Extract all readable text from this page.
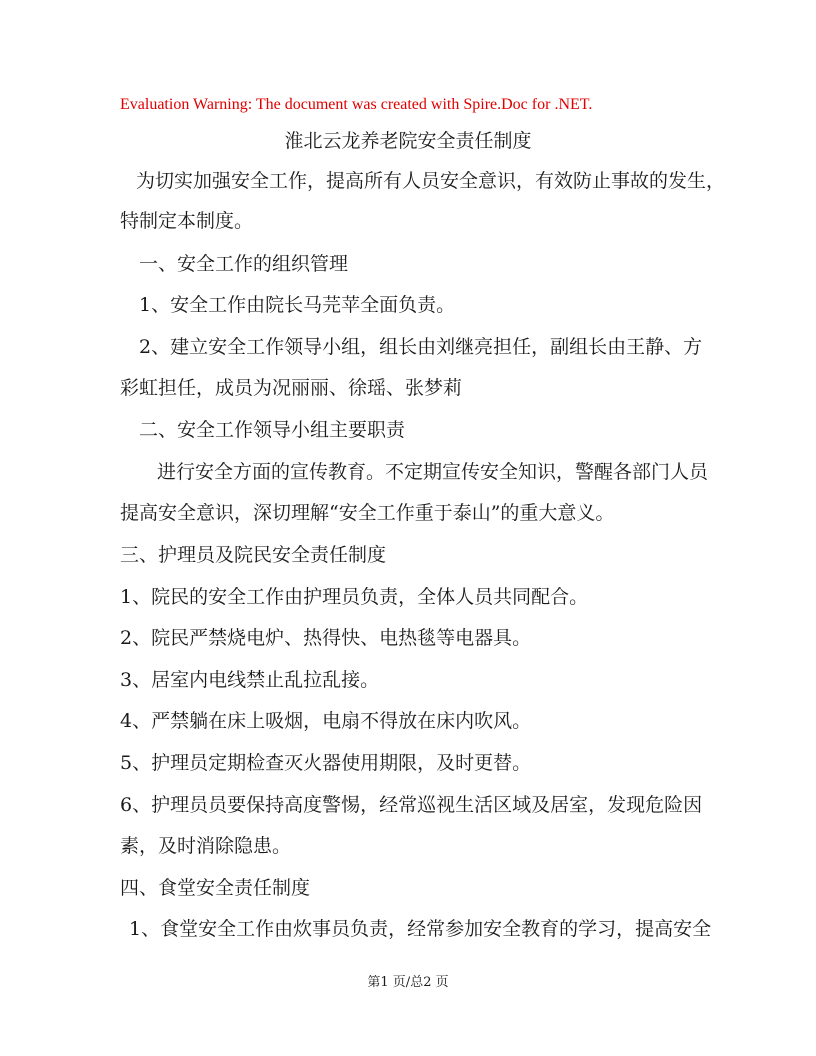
Evaluation Warning: The document was created with Spire.Doc for .NET.
淮北云龙养老院安全责任制度
为切实加强安全工作，提高所有人员安全意识，有效防止事故的发生，
特制定本制度。
一、安全工作的组织管理
1、安全工作由院长马芫苹全面负责。
2、建立安全工作领导小组，组长由刘继亮担任，副组长由王静、方
彩虹担任，成员为况丽丽、徐瑶、张梦莉
二、安全工作领导小组主要职责
进行安全方面的宣传教育。不定期宣传安全知识，警醒各部门人员
提高安全意识，深切理解“安全工作重于泰山”的重大意义。
三、护理员及院民安全责任制度
1、院民的安全工作由护理员负责，全体人员共同配合。
2、院民严禁烧电炉、热得快、电热毯等电器具。
3、居室内电线禁止乱拉乱接。
4、严禁躺在床上吸烟，电扇不得放在床内吹风。
5、护理员定期检查灭火器使用期限，及时更替。
6、护理员员要保持高度警惕，经常巡视生活区域及居室，发现危险因
素，及时消除隐患。
四、食堂安全责任制度
1、食堂安全工作由炊事员负责，经常参加安全教育的学习，提高安全
第1 页/总2 页
